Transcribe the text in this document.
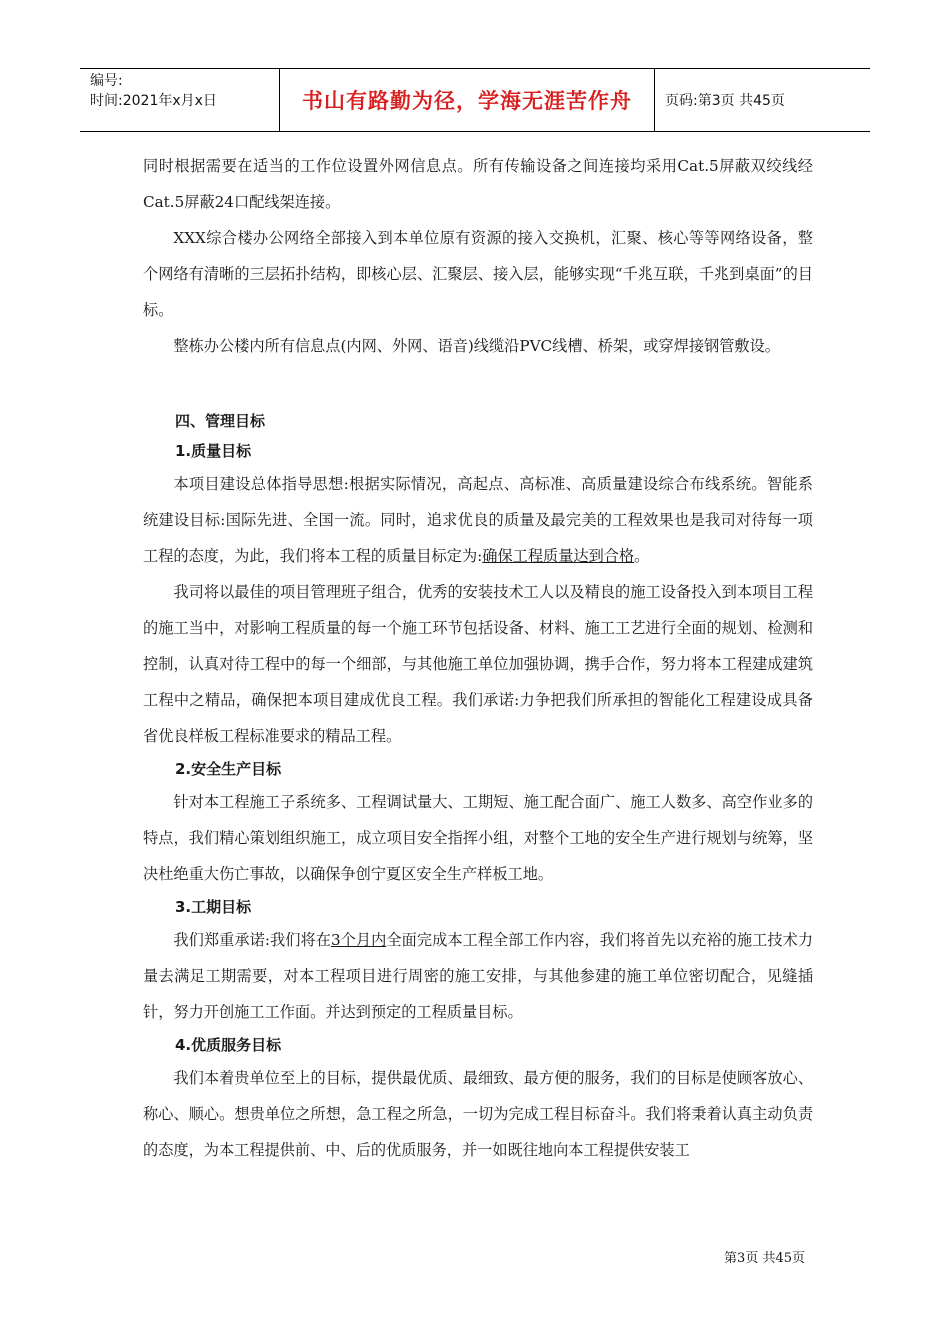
编号:
时间:2021年x月x日	书山有路勤为径，学海无涯苦作舟	页码:第3页 共45页

同时根据需要在适当的工作位设置外网信息点。所有传输设备之间连接均采用Cat.5屏蔽双绞线经Cat.5屏蔽24口配线架连接。

XXX综合楼办公网络全部接入到本单位原有资源的接入交换机，汇聚、核心等等网络设备，整个网络有清晰的三层拓扑结构，即核心层、汇聚层、接入层，能够实现“千兆互联，千兆到桌面”的目标。

整栋办公楼内所有信息点(内网、外网、语音)线缆沿PVC线槽、桥架，或穿焊接钢管敷设。

四、管理目标

1.质量目标

本项目建设总体指导思想:根据实际情况，高起点、高标准、高质量建设综合布线系统。智能系统建设目标:国际先进、全国一流。同时，追求优良的质量及最完美的工程效果也是我司对待每一项工程的态度，为此，我们将本工程的质量目标定为:确保工程质量达到合格。

我司将以最佳的项目管理班子组合，优秀的安装技术工人以及精良的施工设备投入到本项目工程的施工当中，对影响工程质量的每一个施工环节包括设备、材料、施工工艺进行全面的规划、检测和控制，认真对待工程中的每一个细部，与其他施工单位加强协调，携手合作，努力将本工程建成建筑工程中之精品，确保把本项目建成优良工程。我们承诺:力争把我们所承担的智能化工程建设成具备省优良样板工程标准要求的精品工程。

2.安全生产目标

针对本工程施工子系统多、工程调试量大、工期短、施工配合面广、施工人数多、高空作业多的特点，我们精心策划组织施工，成立项目安全指挥小组，对整个工地的安全生产进行规划与统筹，坚决杜绝重大伤亡事故，以确保争创宁夏区安全生产样板工地。

3.工期目标

我们郑重承诺:我们将在3个月内全面完成本工程全部工作内容，我们将首先以充裕的施工技术力量去满足工期需要，对本工程项目进行周密的施工安排，与其他参建的施工单位密切配合，见缝插针，努力开创施工工作面。并达到预定的工程质量目标。

4.优质服务目标

我们本着贵单位至上的目标，提供最优质、最细致、最方便的服务，我们的目标是使顾客放心、称心、顺心。想贵单位之所想，急工程之所急，一切为完成工程目标奋斗。我们将秉着认真主动负责的态度，为本工程提供前、中、后的优质服务，并一如既往地向本工程提供安装工

第3页 共45页
